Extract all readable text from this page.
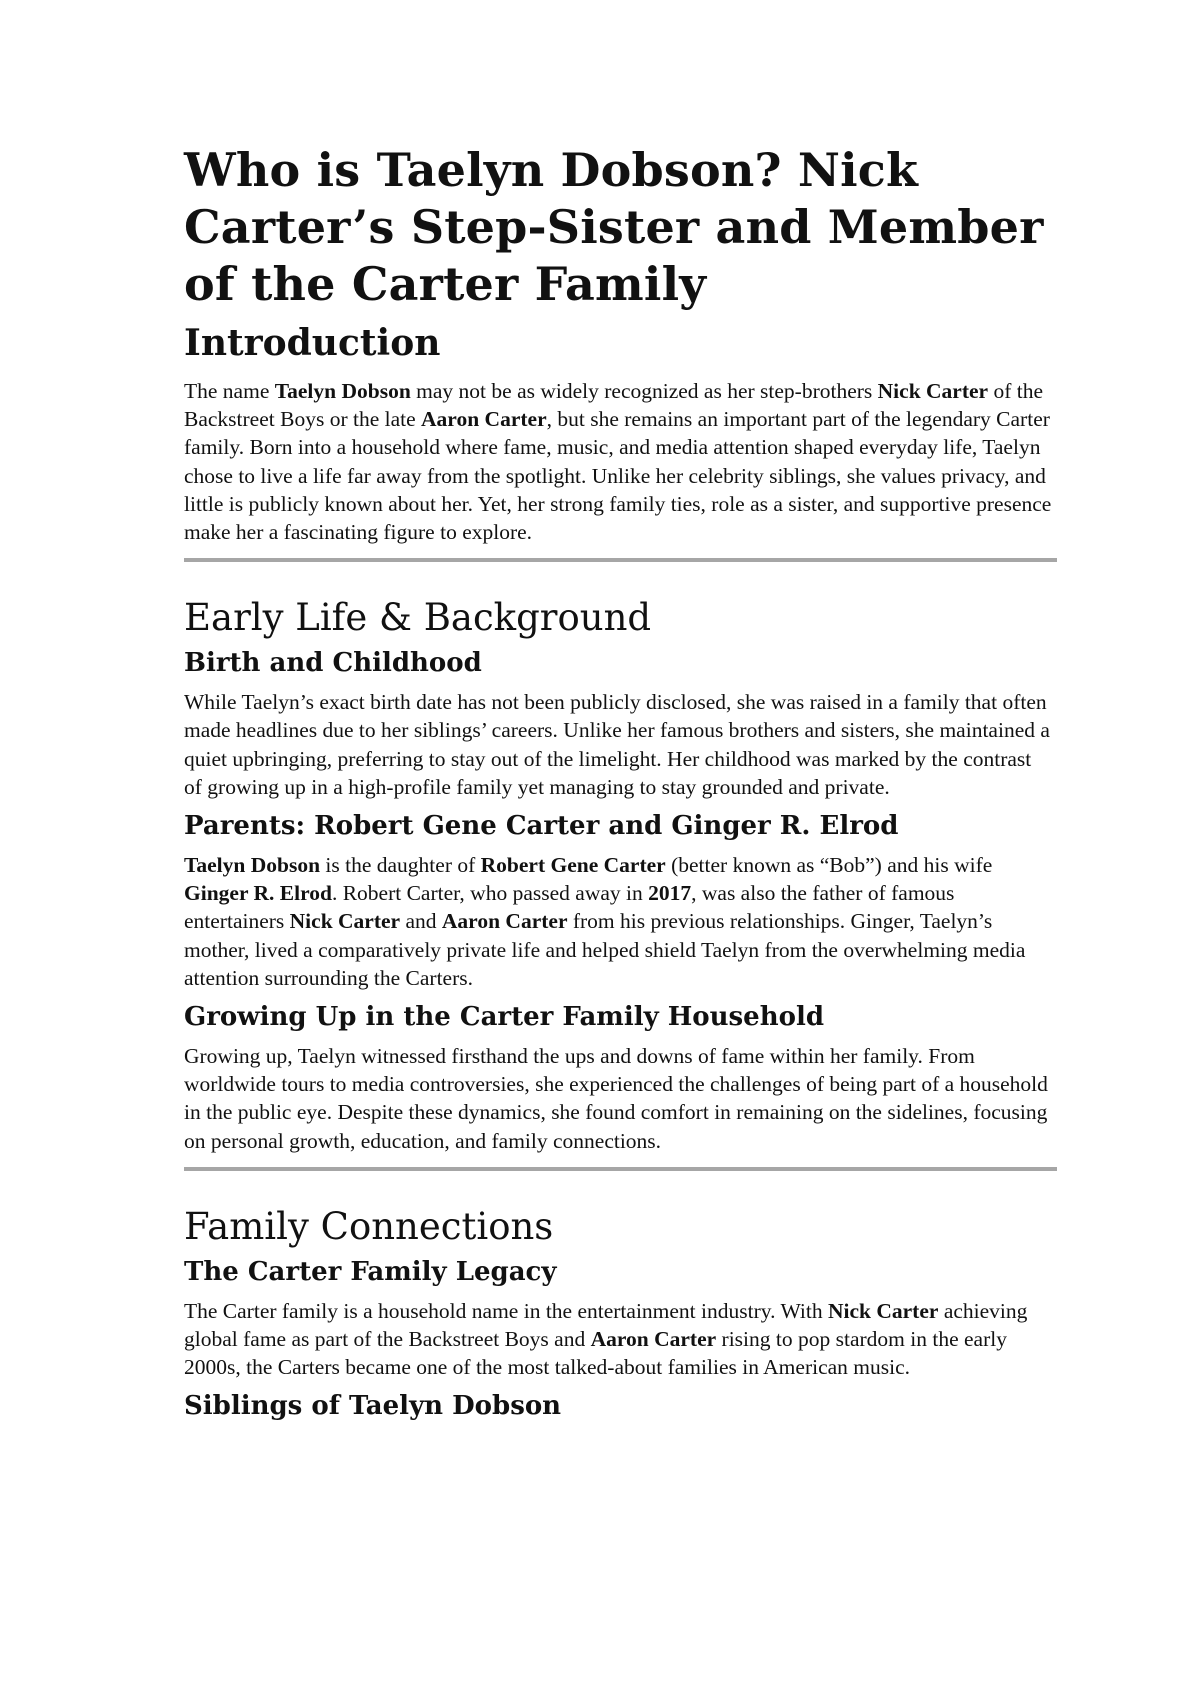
Who is Taelyn Dobson? Nick Carter’s Step-Sister and Member of the Carter Family
Introduction

The name Taelyn Dobson may not be as widely recognized as her step-brothers Nick Carter of the Backstreet Boys or the late Aaron Carter, but she remains an important part of the legendary Carter family. Born into a household where fame, music, and media attention shaped everyday life, Taelyn chose to live a life far away from the spotlight. Unlike her celebrity siblings, she values privacy, and little is publicly known about her. Yet, her strong family ties, role as a sister, and supportive presence make her a fascinating figure to explore.

Early Life & Background
Birth and Childhood

While Taelyn’s exact birth date has not been publicly disclosed, she was raised in a family that often made headlines due to her siblings’ careers. Unlike her famous brothers and sisters, she maintained a quiet upbringing, preferring to stay out of the limelight. Her childhood was marked by the contrast of growing up in a high-profile family yet managing to stay grounded and private.

Parents: Robert Gene Carter and Ginger R. Elrod

Taelyn Dobson is the daughter of Robert Gene Carter (better known as “Bob”) and his wife Ginger R. Elrod. Robert Carter, who passed away in 2017, was also the father of famous entertainers Nick Carter and Aaron Carter from his previous relationships. Ginger, Taelyn’s mother, lived a comparatively private life and helped shield Taelyn from the overwhelming media attention surrounding the Carters.

Growing Up in the Carter Family Household

Growing up, Taelyn witnessed firsthand the ups and downs of fame within her family. From worldwide tours to media controversies, she experienced the challenges of being part of a household in the public eye. Despite these dynamics, she found comfort in remaining on the sidelines, focusing on personal growth, education, and family connections.

Family Connections
The Carter Family Legacy

The Carter family is a household name in the entertainment industry. With Nick Carter achieving global fame as part of the Backstreet Boys and Aaron Carter rising to pop stardom in the early 2000s, the Carters became one of the most talked-about families in American music.

Siblings of Taelyn Dobson
